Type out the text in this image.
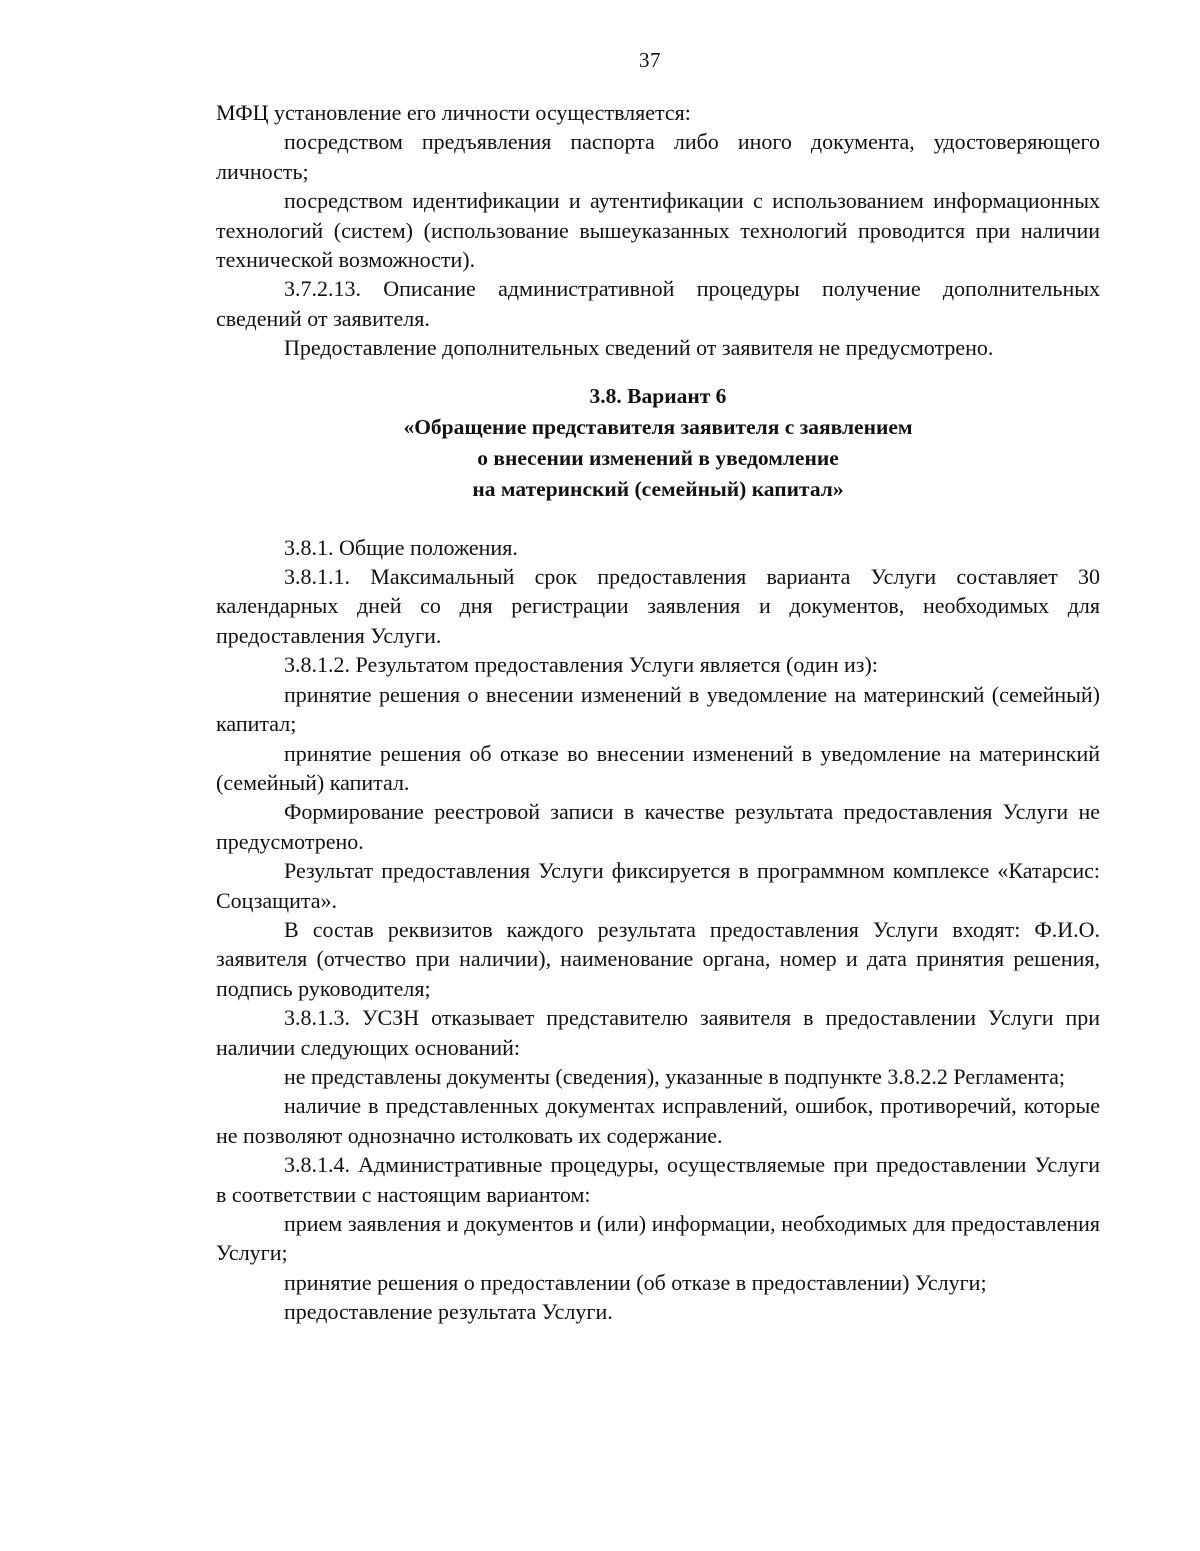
37

МФЦ установление его личности осуществляется:

посредством предъявления паспорта либо иного документа, удостоверяющего личность;

посредством идентификации и аутентификации с использованием информационных технологий (систем) (использование вышеуказанных технологий проводится при наличии технической возможности).

3.7.2.13. Описание административной процедуры получение дополнительных сведений от заявителя.

Предоставление дополнительных сведений от заявителя не предусмотрено.

3.8. Вариант 6
«Обращение представителя заявителя с заявлением
о внесении изменений в уведомление
на материнский (семейный) капитал»

3.8.1. Общие положения.

3.8.1.1. Максимальный срок предоставления варианта Услуги составляет 30 календарных дней со дня регистрации заявления и документов, необходимых для предоставления Услуги.

3.8.1.2. Результатом предоставления Услуги является (один из):

принятие решения о внесении изменений в уведомление на материнский (семейный) капитал;

принятие решения об отказе во внесении изменений в уведомление на материнский (семейный) капитал.

Формирование реестровой записи в качестве результата предоставления Услуги не предусмотрено.

Результат предоставления Услуги фиксируется в программном комплексе «Катарсис: Соцзащита».

В состав реквизитов каждого результата предоставления Услуги входят: Ф.И.О. заявителя (отчество при наличии), наименование органа, номер и дата принятия решения, подпись руководителя;

3.8.1.3. УСЗН отказывает представителю заявителя в предоставлении Услуги при наличии следующих оснований:

не представлены документы (сведения), указанные в подпункте 3.8.2.2 Регламента;

наличие в представленных документах исправлений, ошибок, противоречий, которые не позволяют однозначно истолковать их содержание.

3.8.1.4. Административные процедуры, осуществляемые при предоставлении Услуги в соответствии с настоящим вариантом:

прием заявления и документов и (или) информации, необходимых для предоставления Услуги;

принятие решения о предоставлении (об отказе в предоставлении) Услуги;

предоставление результата Услуги.
